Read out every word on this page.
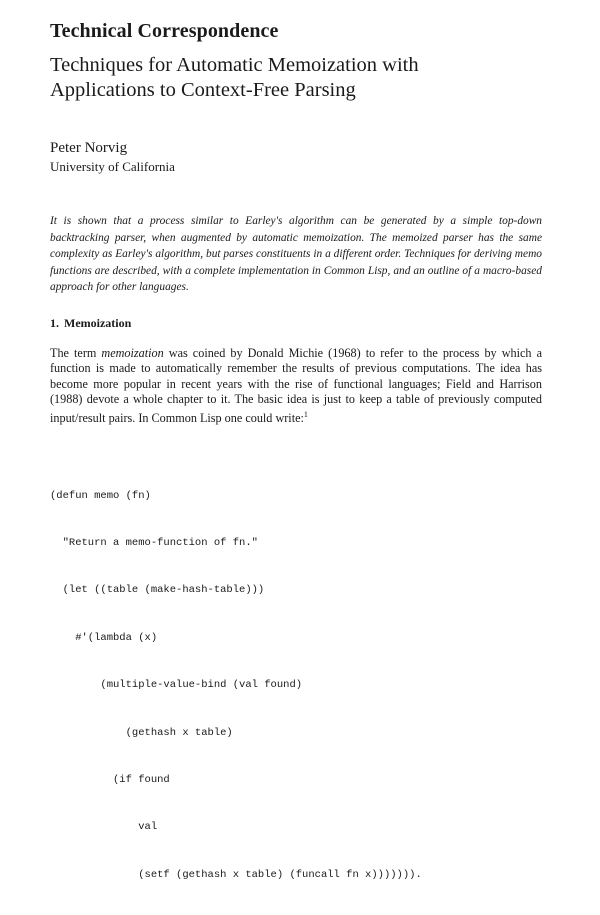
Technical Correspondence
Techniques for Automatic Memoization with
Applications to Context-Free Parsing
Peter Norvig
University of California
It is shown that a process similar to Earley's algorithm can be generated by a simple top-down backtracking parser, when augmented by automatic memoization. The memoized parser has the same complexity as Earley's algorithm, but parses constituents in a different order. Techniques for deriving memo functions are described, with a complete implementation in Common Lisp, and an outline of a macro-based approach for other languages.
1. Memoization
The term memoization was coined by Donald Michie (1968) to refer to the process by which a function is made to automatically remember the results of previous computations. The idea has become more popular in recent years with the rise of functional languages; Field and Harrison (1988) devote a whole chapter to it. The basic idea is just to keep a table of previously computed input/result pairs. In Common Lisp one could write:$^1$

(defun memo (fn)

"Return a memo-function of fn."

(let ((table (make-hash-table)))

#'(lambda (x)

(multiple-value-bind (val found)

(gethash x table)

(if found

val

(setf (gethash x table) (funcall fn x))))))).
